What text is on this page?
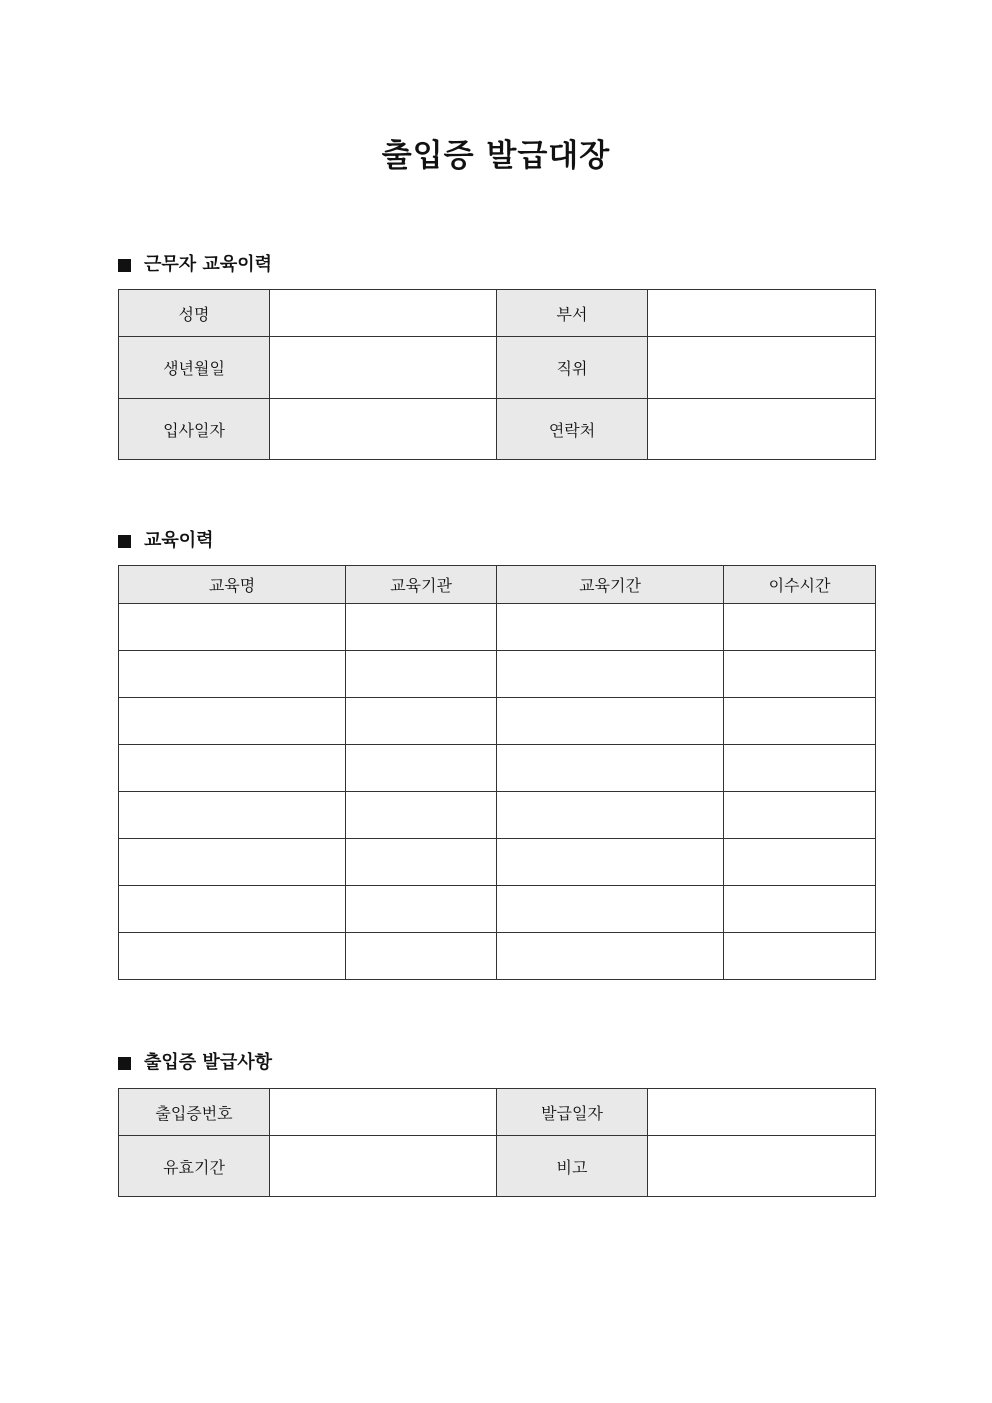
출입증 발급대장
근무자 교육이력
성명		부서	
생년월일		직위	
입사일자		연락처	
교육이력
교육명	교육기관	교육기간	이수시간

출입증 발급사항
출입증번호		발급일자	
유효기간		비고	
